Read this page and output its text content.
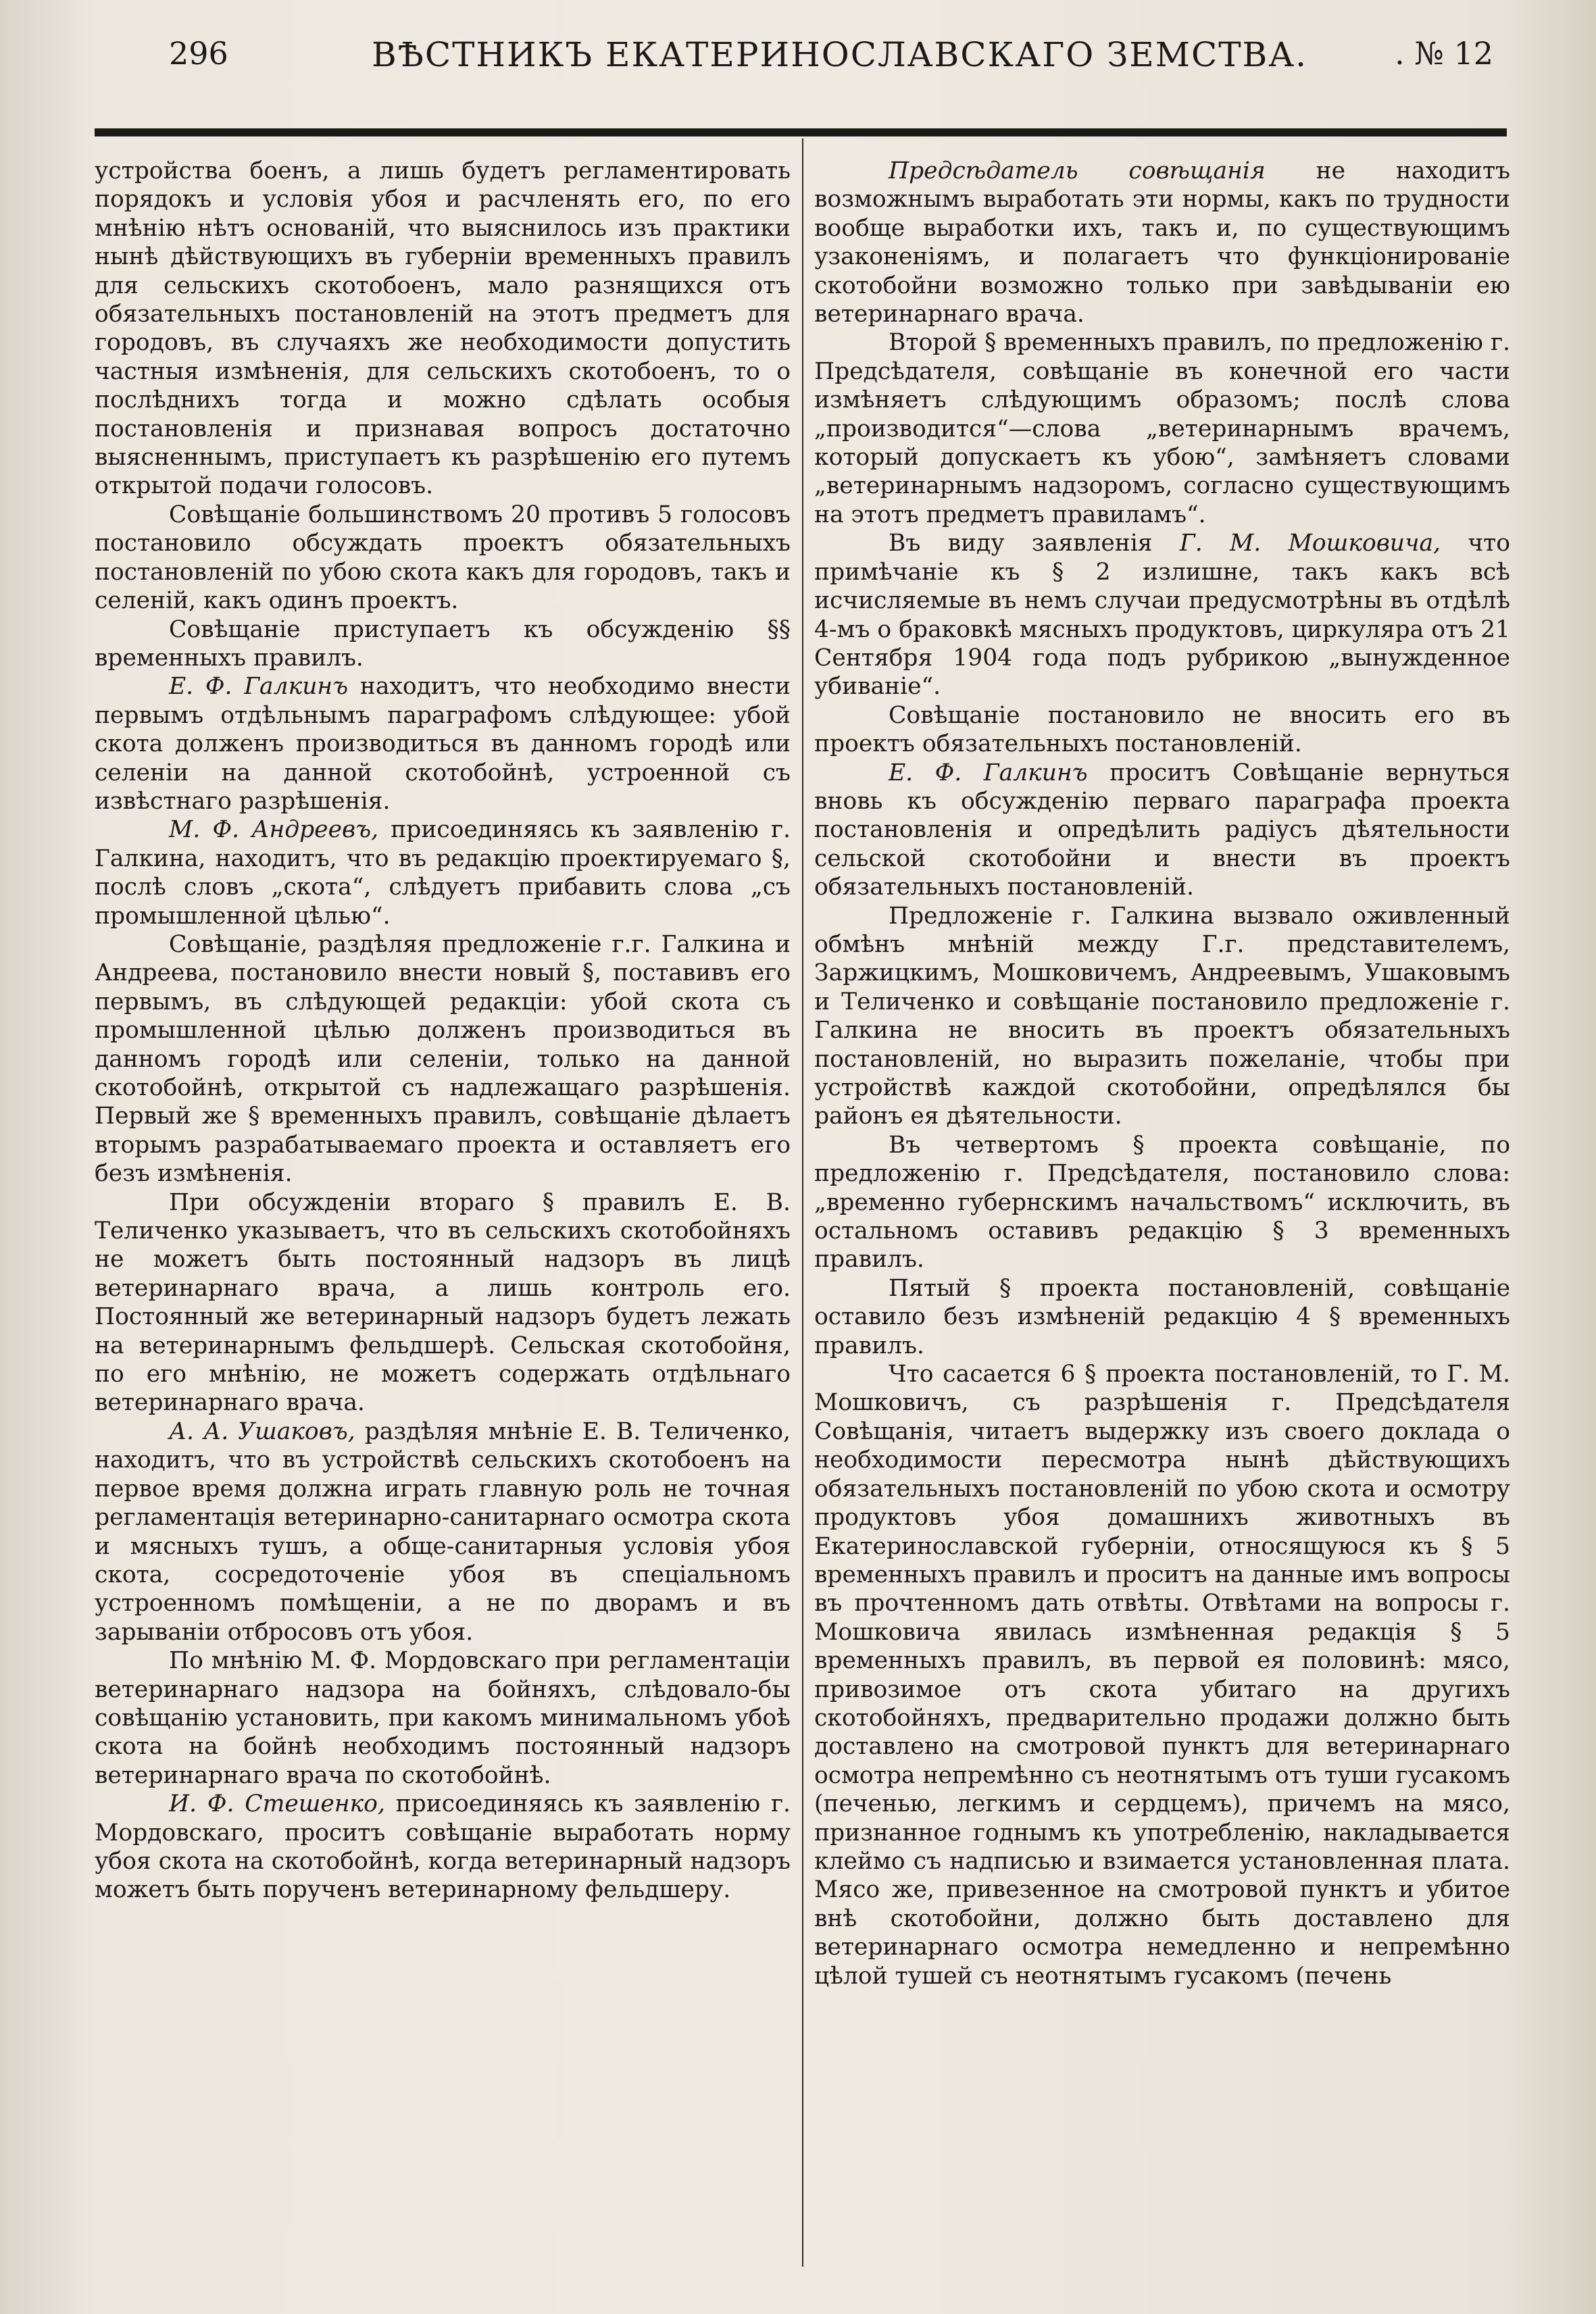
296	ВѢСТНИКЪ ЕКАТЕРИНОСЛАВСКАГО ЗЕМСТВА.	. № 12

устройства боенъ, а лишь будетъ регламентировать порядокъ и условія убоя и расчленять его, по его мнѣнію нѣтъ основаній, что выяснилось изъ практики нынѣ дѣйствующихъ въ губерніи временныхъ правилъ для сельскихъ скотобоенъ, мало разнящихся отъ обязательныхъ постановленій на этотъ предметъ для городовъ, въ случаяхъ же необходимости допустить частныя измѣненія, для сельскихъ скотобоенъ, то о послѣднихъ тогда и можно сдѣлать особыя постановленія и признавая вопросъ достаточно выясненнымъ, приступаетъ къ разрѣшенію его путемъ открытой подачи голосовъ.

Совѣщаніе большинствомъ 20 противъ 5 голосовъ постановило обсуждать проектъ обязательныхъ постановленій по убою скота какъ для городовъ, такъ и селеній, какъ одинъ проектъ.

Совѣщаніе приступаетъ къ обсужденію §§ временныхъ правилъ.

Е. Ф. Галкинъ находитъ, что необходимо внести первымъ отдѣльнымъ параграфомъ слѣдующее: убой скота долженъ производиться въ данномъ городѣ или селеніи на данной скотобойнѣ, устроенной съ извѣстнаго разрѣшенія.

М. Ф. Андреевъ, присоединяясь къ заявленію г. Галкина, находитъ, что въ редакцію проектируемаго §, послѣ словъ „скота“, слѣдуетъ прибавить слова „съ промышленной цѣлью“.

Совѣщаніе, раздѣляя предложеніе г.г. Галкина и Андреева, постановило внести новый §, поставивъ его первымъ, въ слѣдующей редакціи: убой скота съ промышленной цѣлью долженъ производиться въ данномъ городѣ или селеніи, только на данной скотобойнѣ, открытой съ надлежащаго разрѣшенія. Первый же § временныхъ правилъ, совѣщаніе дѣлаетъ вторымъ разрабатываемаго проекта и оставляетъ его безъ измѣненія.

При обсужденіи втораго § правилъ Е. В. Теличенко указываетъ, что въ сельскихъ скотобойняхъ не можетъ быть постоянный надзоръ въ лицѣ ветеринарнаго врача, а лишь контроль его. Постоянный же ветеринарный надзоръ будетъ лежать на ветеринарнымъ фельдшерѣ. Сельская скотобойня, по его мнѣнію, не можетъ содержать отдѣльнаго ветеринарнаго врача.

А. А. Ушаковъ, раздѣляя мнѣніе Е. В. Теличенко, находитъ, что въ устройствѣ сельскихъ скотобоенъ на первое время должна играть главную роль не точная регламентація ветеринарно-санитарнаго осмотра скота и мясныхъ тушъ, а обще-санитарныя условія убоя скота, сосредоточеніе убоя въ спеціальномъ устроенномъ помѣщеніи, а не по дворамъ и въ зарываніи отбросовъ отъ убоя.

По мнѣнію М. Ф. Мордовскаго при регламентаціи ветеринарнаго надзора на бойняхъ, слѣдовало-бы совѣщанію установить, при какомъ минимальномъ убоѣ скота на бойнѣ необходимъ постоянный надзоръ ветеринарнаго врача по скотобойнѣ.

И. Ф. Стешенко, присоединяясь къ заявленію г. Мордовскаго, проситъ совѣщаніе выработать норму убоя скота на скотобойнѣ, когда ветеринарный надзоръ можетъ быть порученъ ветеринарному фельдшеру.

Предсѣдатель совѣщанія не находитъ возможнымъ выработать эти нормы, какъ по трудности вообще выработки ихъ, такъ и, по существующимъ узаконеніямъ, и полагаетъ что функціонированіе скотобойни возможно только при завѣдываніи ею ветеринарнаго врача.

Второй § временныхъ правилъ, по предложенію г. Предсѣдателя, совѣщаніе въ конечной его части измѣняетъ слѣдующимъ образомъ; послѣ слова „производится“—слова „ветеринарнымъ врачемъ, который допускаетъ къ убою“, замѣняетъ словами „ветеринарнымъ надзоромъ, согласно существующимъ на этотъ предметъ правиламъ“.

Въ виду заявленія Г. М. Мошковича, что примѣчаніе къ § 2 излишне, такъ какъ всѣ исчисляемые въ немъ случаи предусмотрѣны въ отдѣлѣ 4-мъ о браковкѣ мясныхъ продуктовъ, циркуляра отъ 21 Сентября 1904 года подъ рубрикою „вынужденное убиваніе“.

Совѣщаніе постановило не вносить его въ проектъ обязательныхъ постановленій.

Е. Ф. Галкинъ проситъ Совѣщаніе вернуться вновь къ обсужденію перваго параграфа проекта постановленія и опредѣлить радіусъ дѣятельности сельской скотобойни и внести въ проектъ обязательныхъ постановленій.

Предложеніе г. Галкина вызвало оживленный обмѣнъ мнѣній между Г.г. представителемъ, Заржицкимъ, Мошковичемъ, Андреевымъ, Ушаковымъ и Теличенко и совѣщаніе постановило предложеніе г. Галкина не вносить въ проектъ обязательныхъ постановленій, но выразить пожеланіе, чтобы при устройствѣ каждой скотобойни, опредѣлялся бы районъ ея дѣятельности.

Въ четвертомъ § проекта совѣщаніе, по предложенію г. Предсѣдателя, постановило слова: „временно губернскимъ начальствомъ“ исключить, въ остальномъ оставивъ редакцію § 3 временныхъ правилъ.

Пятый § проекта постановленій, совѣщаніе оставило безъ измѣненій редакцію 4 § временныхъ правилъ.

Что сасается 6 § проекта постановленій, то Г. М. Мошковичъ, съ разрѣшенія г. Предсѣдателя Совѣщанія, читаетъ выдержку изъ своего доклада о необходимости пересмотра нынѣ дѣйствующихъ обязательныхъ постановленій по убою скота и осмотру продуктовъ убоя домашнихъ животныхъ въ Екатеринославской губерніи, относящуюся къ § 5 временныхъ правилъ и проситъ на данные имъ вопросы въ прочтенномъ дать отвѣты. Отвѣтами на вопросы г. Мошковича явилась измѣненная редакція § 5 временныхъ правилъ, въ первой ея половинѣ: мясо, привозимое отъ скота убитаго на другихъ скотобойняхъ, предварительно продажи должно быть доставлено на смотровой пунктъ для ветеринарнаго осмотра непремѣнно съ неотнятымъ отъ туши гусакомъ (печенью, легкимъ и сердцемъ), причемъ на мясо, признанное годнымъ къ употребленію, накладывается клеймо съ надписью и взимается установленная плата. Мясо же, привезенное на смотровой пунктъ и убитое внѣ скотобойни, должно быть доставлено для ветеринарнаго осмотра немедленно и непремѣнно цѣлой тушей съ неотнятымъ гусакомъ (печень
